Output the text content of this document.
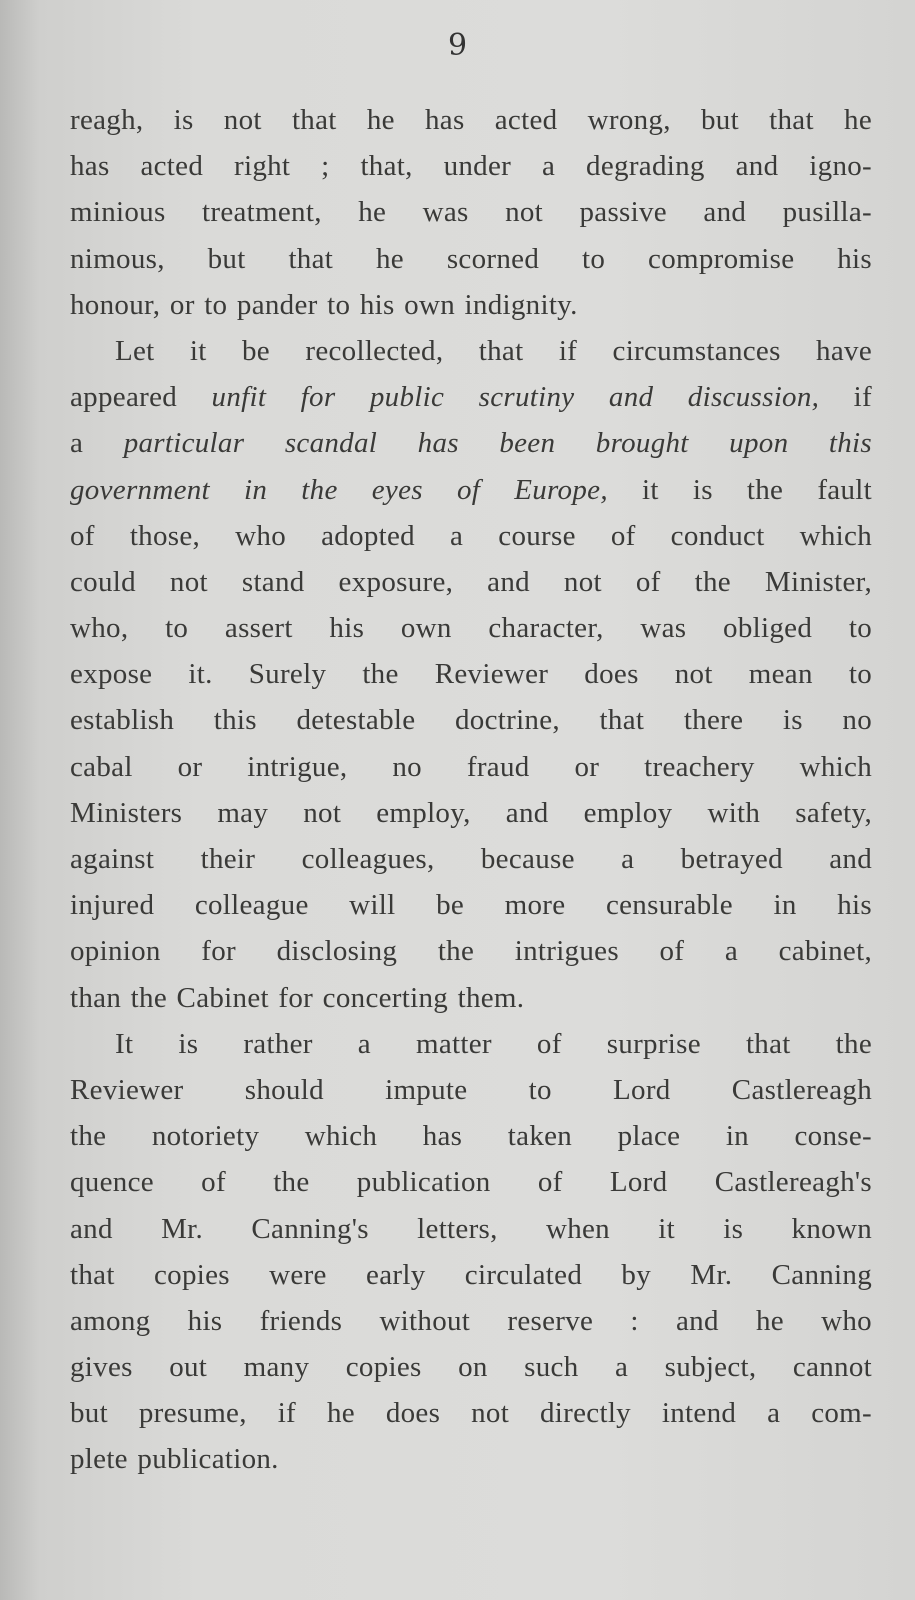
9
reagh, is not that he has acted wrong, but that he
has acted right ; that, under a degrading and igno-
minious treatment, he was not passive and pusilla-
nimous, but that he scorned to compromise his
honour, or to pander to his own indignity.
Let it be recollected, that if circumstances have
appeared unfit for public scrutiny and discussion, if
a particular scandal has been brought upon this
government in the eyes of Europe, it is the fault
of those, who adopted a course of conduct which
could not stand exposure, and not of the Minister,
who, to assert his own character, was obliged to
expose it. Surely the Reviewer does not mean to
establish this detestable doctrine, that there is no
cabal or intrigue, no fraud or treachery which
Ministers may not employ, and employ with safety,
against their colleagues, because a betrayed and
injured colleague will be more censurable in his
opinion for disclosing the intrigues of a cabinet,
than the Cabinet for concerting them.
It is rather a matter of surprise that the
Reviewer should impute to Lord Castlereagh
the notoriety which has taken place in conse-
quence of the publication of Lord Castlereagh's
and Mr. Canning's letters, when it is known
that copies were early circulated by Mr. Canning
among his friends without reserve : and he who
gives out many copies on such a subject, cannot
but presume, if he does not directly intend a com-
plete publication.
